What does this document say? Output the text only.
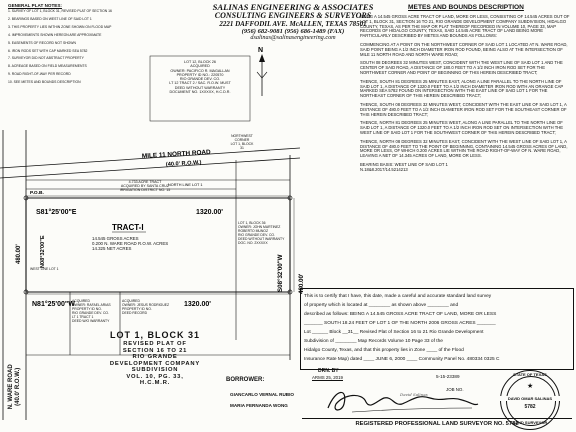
SALINAS ENGINEERING & ASSOCIATES
CONSULTING ENGINEERS & SURVEYORS
2221 DAFFODIL AVE. McALLEN, TEXAS 78501
(956) 682-9081 (956) 686-1489 (FAX)
dsalinas@salinasengineering.com
GENERAL PLAT NOTES:
1. SURVEY OF LOT 1, BLOCK 31, REVISED PLAT OF SECTION 16
2. BEARINGS BASED ON WEST LINE OF SAID LOT 1
3. THIS PROPERTY LIES WITHIN ZONE SHOWN ON FLOOD MAP
4. IMPROVEMENTS SHOWN HEREON ARE APPROXIMATE
5. EASEMENTS OF RECORD NOT SHOWN
6. IRON RODS SET WITH CAP MARKED SEA 5782
7. SURVEYOR DID NOT ABSTRACT PROPERTY
8. ACREAGE BASED ON FIELD MEASUREMENTS
9. ROAD RIGHT-OF-WAY PER RECORD
10. SEE METES AND BOUNDS DESCRIPTION
METES AND BOUNDS DESCRIPTION
BEING A 14.545 GROSS ACRE TRACT OF LAND, MORE OR LESS, CONSISTING OF 14.545 ACRES OUT OF LOT 1, BLOCK 31, SECTION 16 TO 21, RIO GRANDE DEVELOPMENT COMPANY SUBDIVISION, HIDALGO COUNTY, TEXAS, AS PER THE MAP OR PLAT THEREOF RECORDED IN VOLUME 10, PAGE 33, MAP RECORDS OF HIDALGO COUNTY, TEXAS, SAID 14.545 ACRE TRACT OF LAND BEING MORE PARTICULARLY DESCRIBED BY METES AND BOUNDS AS FOLLOWS:
COMMENCING AT A POINT ON THE NORTHWEST CORNER OF SAID LOT 1 LOCATED AT N. WARE ROAD, SAID POINT BEING A 1/2 INCH DIAMETER IRON ROD FOUND, BEING ALSO AT THE INTERSECTION OF MILE 11 NORTH ROAD AND NORTH WARE ROAD;
SOUTH 08 DEGREES 32 MINUTES WEST, CONCIDENT WITH THE WEST LINE OF SAID LOT 1 AND THE CENTER OF SAID ROAD, A DISTANCE OF 180.0 FEET TO A 1/2 INCH IRON ROD SET FOR THE NORTHWEST CORNER AND POINT OF BEGINNING OF THIS HEREIN DESCRIBED TRACT;
THENCE, SOUTH 81 DEGREES 25 MINUTES EAST, ALONG A LINE PARALLEL TO THE NORTH LINE OF SAID LOT 1, A DISTANCE OF 1320.0 FEET TO A 1/2 INCH DIAMETER IRON ROD WITH AN ORANGE CAP MARKED SEA 5782 FOUND ON INTERSECTION WITH THE EAST LINE OF SAID LOT 1 FOR THE NORTHEAST CORNER OF THIS HEREIN DESCRIBED TRACT;
THENCE, SOUTH 08 DEGREES 32 MINUTES WEST, CONCIDENT WITH THE EAST LINE OF SAID LOT 1, A DISTANCE OF 480.0 FEET TO A 1/2 INCH DIAMETER IRON ROD SET FOR THE SOUTHEAST CORNER OF THIS HEREIN DESCRIBED TRACT;
THENCE, NORTH 81 DEGREES 25 MINUTES WEST, ALONG A LINE PARALLEL TO THE NORTH LINE OF SAID LOT 1, A DISTANCE OF 1320.0 FEET TO A 1/2 INCH IRON ROD SET ON INTERSECTION WITH THE WEST LINE OF SAID LOT 1 FOR THE SOUTHWEST CORNER OF THIS HEREIN DESCRIBED TRACT;
THENCE, NORTH 08 DEGREES 32 MINUTES EAST, CONCIDENT WITH THE WEST LINE OF SAID LOT 1, A DISTANCE OF 480.0 FEET TO THE POINT OF BEGINNING, CONTAINING 14.545 GROSS ACRES OF LAND, MORE OR LESS, OF WHICH 0.200 ACRES LIE WITHIN THE ROAD RIGHT-OF-WAY OF N. WARE ROAD, LEAVING A NET OF 14.345 ACRES OF LAND, MORE OR LESS.
BEARING BASIS: WEST LINE OF SAID LOT 1
N.18&8.2017/14.5214213
N
MILE 11 NORTH ROAD
(40.0' R.O.W.)
S81°25'00"E	1320.00'
N81°25'00"W	1320.00'
S08°32'00"W 480.00'
N08°32'00"E
480.00'
TRACT-I
P.O.B.
NORTH LINE LOT 1
LOT 12, BLOCK 26
ACQUIRED
OWNER: PACIFICO R. MAGALLAN
PROPERTY ID NO.: 220570
RIO GRANDE DEV. CO.
LT 12 TRACT 2 / SAC. R.O.W. MUST
DEED WITHOUT WARRANTY
DOCUMENT NO. 1XXXXX, H.C.D.R.
NORTHWEST
CORNER
LOT 1, BLOCK
31
4.733 ACRE TRACT
ACQUIRED BY SANTA CRUZ
IRRIGATION DISTRICT NO. 15
14.545 GROSS ACRES
0.200 N. WARE ROAD R.O.W. ACRES
14.325 NET ACRES
WEST LINE LOT 1
LOT 1, BLOCK 36
OWNER: JOHN MARTINEZ
ROBERTO MUNOZ
RIO GRANDE DEV. CO.
DEED WITHOUT WARRANTY
DOC. NO. 2XXXXX
ACQUIRED
OWNER: RAFAEL ARIAS
PROPERTY ID NO.
RIO GRANDE DEV. CO.
LT 1 TRACT 1
DEED W/O WARRANTY
ACQUIRED
OWNER: JESUS RODRIGUEZ
PROPERTY ID NO.
DEED RECORD
LOT 1, BLOCK 31
REVISED PLAT OF
SECTION 16 TO 21
RIO GRANDE
DEVELOPMENT COMPANY
SUBDIVISION
VOL. 10, PG. 33,
H.C.M.R.
N. WARE ROAD
(40.0' R.O.W.)	BORROWER:
GIANCARLO VERNAL RUBIO
MARIA FERNANDA WONG
This is to certify that I have, this date, made a careful and accurate standard land survey
of property which is located at ________ as shown above ________ and
described as follows: BEING A 14.545 GROSS ACRE TRACT OF LAND, MORE OR LESS
_______ SOUTH 18.24 FEET OF LOT 1 OF THE NORTH 2006 GROSS ACRES _______
Lot ______ Block __31__ Revised Plat of Section 16 to 21 Rio Grande Development
Subdivision of ________ Map Records Volume 10 Page 33 of the
Hidalgo County, Texas, and that this property lies in Zone ____ of the Flood
Insurance Rate Map) dated ____ JUNE 6, 2000 ____ Community Panel No. 480334 0325 C
DRN. BY
ARMS 25, 2019	5-15-23389
JOB NO.
David Salinas
REGISTERED PROFESSIONAL LAND SURVEYOR NO. 5782
★
STATE OF TEXAS
DAVID OMAR SALINAS
5782
LAND SURVEYOR
